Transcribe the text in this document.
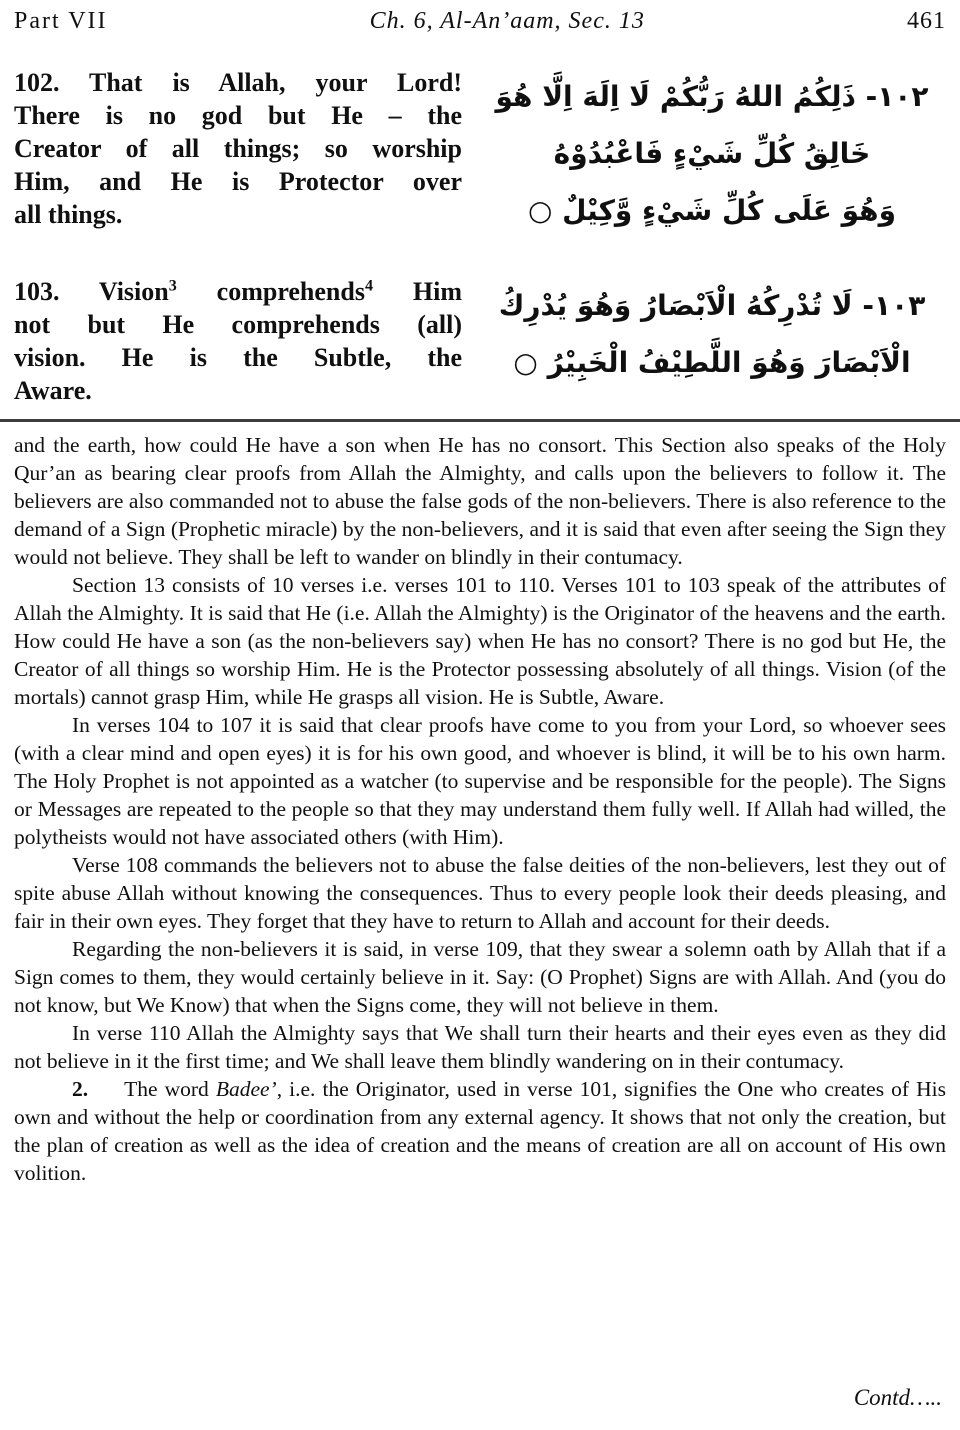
Part VII	Ch. 6, Al-An’aam, Sec. 13	461
102. That is Allah, your Lord!
There is no god but He – the
Creator of all things; so worship
Him, and He is Protector over
all things.
١٠٢- ذَلِكُمُ اللهُ رَبُّكُمْ لَا اِلَهَ اِلَّا هُوَ
خَالِقُ كُلِّ شَيْءٍ فَاعْبُدُوْهُ
وَهُوَ عَلَى كُلِّ شَيْءٍ وَّكِيْلٌ ○
103. Vision$^3$ comprehends$^4$ Him
not but He comprehends (all)
vision. He is the Subtle, the
Aware.
١٠٣- لَا تُدْرِكُهُ الْاَبْصَارُ وَهُوَ يُدْرِكُ
الْاَبْصَارَ وَهُوَ اللَّطِيْفُ الْخَبِيْرُ ○

and the earth, how could He have a son when He has no consort. This Section also speaks of the Holy Qur’an as bearing clear proofs from Allah the Almighty, and calls upon the believers to follow it. The believers are also commanded not to abuse the false gods of the non-believers. There is also reference to the demand of a Sign (Prophetic miracle) by the non-believers, and it is said that even after seeing the Sign they would not believe. They shall be left to wander on blindly in their contumacy.

Section 13 consists of 10 verses i.e. verses 101 to 110. Verses 101 to 103 speak of the attributes of Allah the Almighty. It is said that He (i.e. Allah the Almighty) is the Originator of the heavens and the earth. How could He have a son (as the non-believers say) when He has no consort? There is no god but He, the Creator of all things so worship Him. He is the Protector possessing absolutely of all things. Vision (of the mortals) cannot grasp Him, while He grasps all vision. He is Subtle, Aware.

In verses 104 to 107 it is said that clear proofs have come to you from your Lord, so whoever sees (with a clear mind and open eyes) it is for his own good, and whoever is blind, it will be to his own harm. The Holy Prophet is not appointed as a watcher (to supervise and be responsible for the people). The Signs or Messages are repeated to the people so that they may understand them fully well. If Allah had willed, the polytheists would not have associated others (with Him).

Verse 108 commands the believers not to abuse the false deities of the non-believers, lest they out of spite abuse Allah without knowing the consequences. Thus to every people look their deeds pleasing, and fair in their own eyes. They forget that they have to return to Allah and account for their deeds.

Regarding the non-believers it is said, in verse 109, that they swear a solemn oath by Allah that if a Sign comes to them, they would certainly believe in it. Say: (O Prophet) Signs are with Allah. And (you do not know, but We Know) that when the Signs come, they will not believe in them.

In verse 110 Allah the Almighty says that We shall turn their hearts and their eyes even as they did not believe in it the first time; and We shall leave them blindly wandering on in their contumacy.

2. The word Badee’, i.e. the Originator, used in verse 101, signifies the One who creates of His own and without the help or coordination from any external agency. It shows that not only the creation, but the plan of creation as well as the idea of creation and the means of creation are all on account of His own volition.

Contd…..
